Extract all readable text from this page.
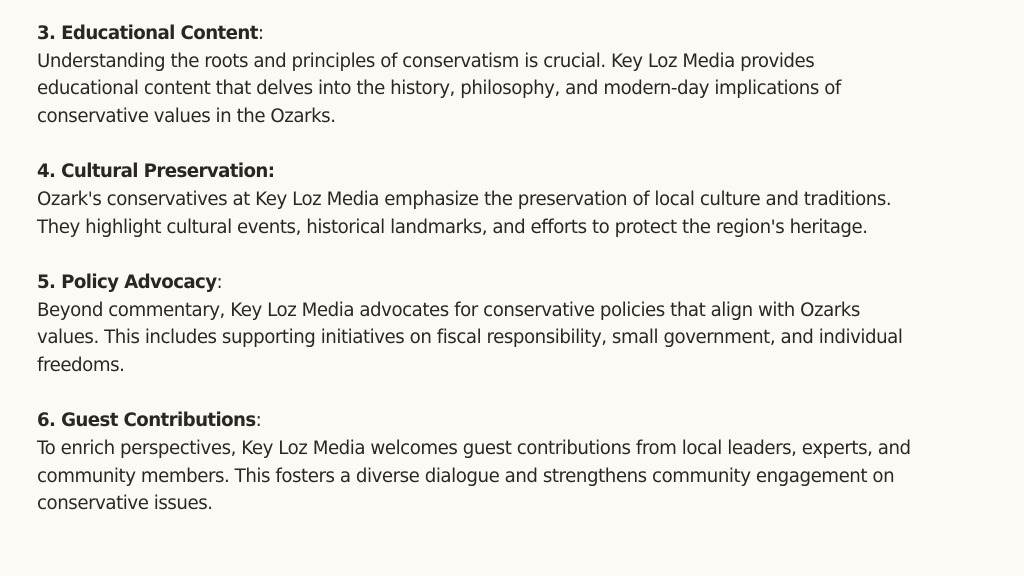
3. Educational Content:
Understanding the roots and principles of conservatism is crucial. Key Loz Media provides
educational content that delves into the history, philosophy, and modern-day implications of
conservative values in the Ozarks.
4. Cultural Preservation:
Ozark's conservatives at Key Loz Media emphasize the preservation of local culture and traditions.
They highlight cultural events, historical landmarks, and efforts to protect the region's heritage.
5. Policy Advocacy:
Beyond commentary, Key Loz Media advocates for conservative policies that align with Ozarks
values. This includes supporting initiatives on fiscal responsibility, small government, and individual
freedoms.
6. Guest Contributions:
To enrich perspectives, Key Loz Media welcomes guest contributions from local leaders, experts, and
community members. This fosters a diverse dialogue and strengthens community engagement on
conservative issues.
